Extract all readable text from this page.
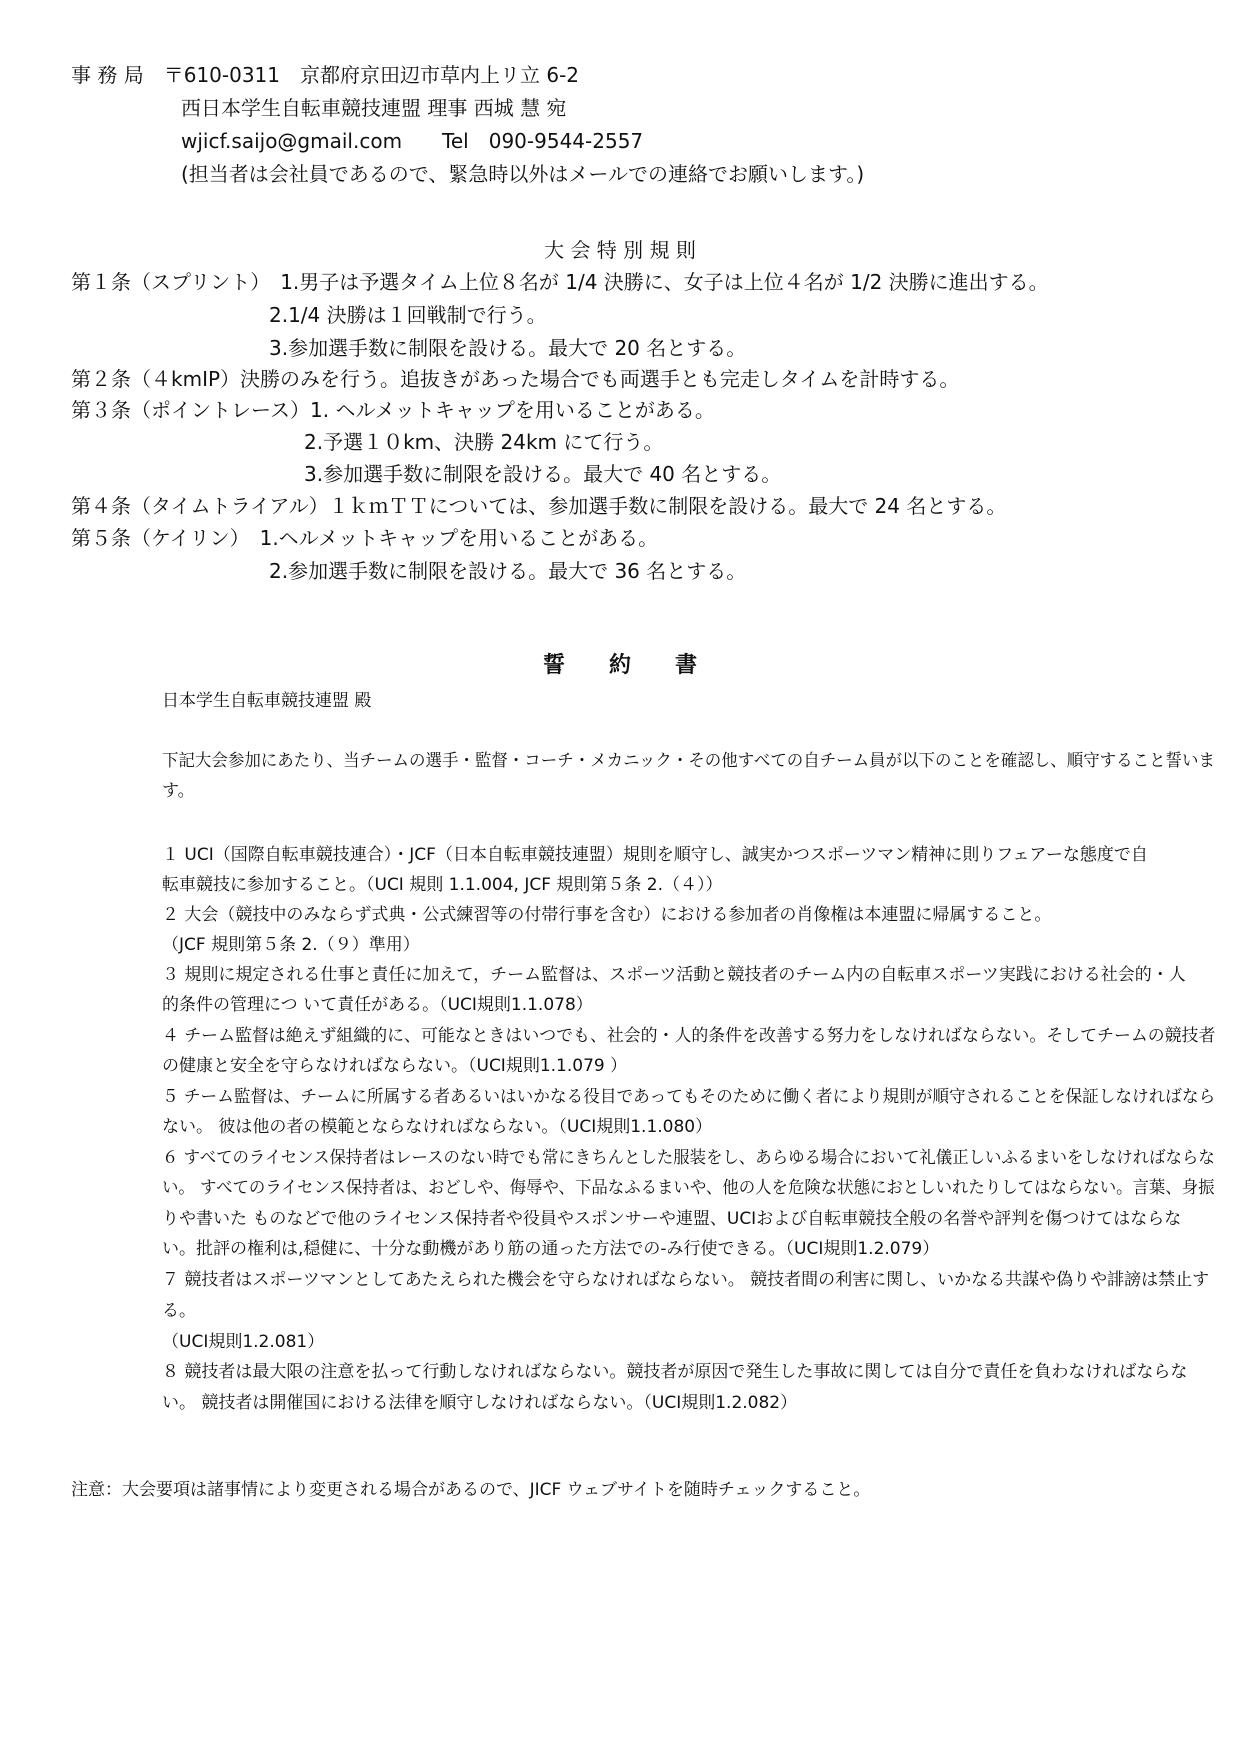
事 務 局　〒610-0311　京都府京田辺市草内上リ立 6-2
西日本学生自転車競技連盟 理事 西城 慧 宛
wjicf.saijo@gmail.com　　Tel　090-9544-2557
(担当者は会社員であるので、緊急時以外はメールでの連絡でお願いします。)
大 会 特 別 規 則
第１条（スプリント）　1.男子は予選タイム上位８名が 1/4 決勝に、女子は上位４名が 1/2 決勝に進出する。
2.1/4 決勝は１回戦制で行う。
3.参加選手数に制限を設ける。最大で 20 名とする。
第２条（４kmIP）決勝のみを行う。追抜きがあった場合でも両選手とも完走しタイムを計時する。
第３条（ポイントレース）1. ヘルメットキャップを用いることがある。
2.予選１０km、決勝 24km にて行う。
3.参加選手数に制限を設ける。最大で 40 名とする。
第４条（タイムトライアル）１ｋｍＴＴについては、参加選手数に制限を設ける。最大で 24 名とする。
第５条（ケイリン）　1.ヘルメットキャップを用いることがある。
2.参加選手数に制限を設ける。最大で 36 名とする。
誓　　約　　書
日本学生自転車競技連盟 殿
下記大会参加にあたり、当チームの選手・監督・コーチ・メカニック・その他すべての自チーム員が以下のことを確認し、順守すること誓いま
す。
１ UCI（国際自転車競技連合）・JCF（日本自転車競技連盟）規則を順守し、誠実かつスポーツマン精神に則りフェアーな態度で自
転車競技に参加すること。（UCI 規則 1.1.004, JCF 規則第５条 2.（４））
２ 大会（競技中のみならず式典・公式練習等の付帯行事を含む）における参加者の肖像権は本連盟に帰属すること。
（JCF 規則第５条 2.（９）準用）
３ 規則に規定される仕事と責任に加えて，チーム監督は、スポーツ活動と競技者のチーム内の自転車スポーツ実践における社会的・人
的条件の管理につ いて責任がある。（UCI規則1.1.078）
４ チーム監督は絶えず組織的に、可能なときはいつでも、社会的・人的条件を改善する努力をしなければならない。そしてチームの競技者
の健康と安全を守らなければならない。（UCI規則1.1.079 ）
５ チーム監督は、チームに所属する者あるいはいかなる役目であってもそのために働く者により規則が順守されることを保証しなければなら
ない。 彼は他の者の模範とならなければならない。（UCI規則1.1.080）
６ すべてのライセンス保持者はレースのない時でも常にきちんとした服装をし、あらゆる場合において礼儀正しいふるまいをしなければならな
い。 すべてのライセンス保持者は、おどしや、侮辱や、下品なふるまいや、他の人を危険な状態におとしいれたりしてはならない。言葉、身振
りや書いた ものなどで他のライセンス保持者や役員やスポンサーや連盟、UCIおよび自転車競技全般の名誉や評判を傷つけてはならな
い。批評の権利は,穏健に、十分な動機があり筋の通った方法での-み行使できる。（UCI規則1.2.079）
７ 競技者はスポーツマンとしてあたえられた機会を守らなければならない。 競技者間の利害に関し、いかなる共謀や偽りや誹謗は禁止す
る。
（UCI規則1.2.081）
８ 競技者は最大限の注意を払って行動しなければならない。競技者が原因で発生した事故に関しては自分で責任を負わなければならな
い。 競技者は開催国における法律を順守しなければならない。（UCI規則1.2.082）
注意：大会要項は諸事情により変更される場合があるので、JICF ウェブサイトを随時チェックすること。
